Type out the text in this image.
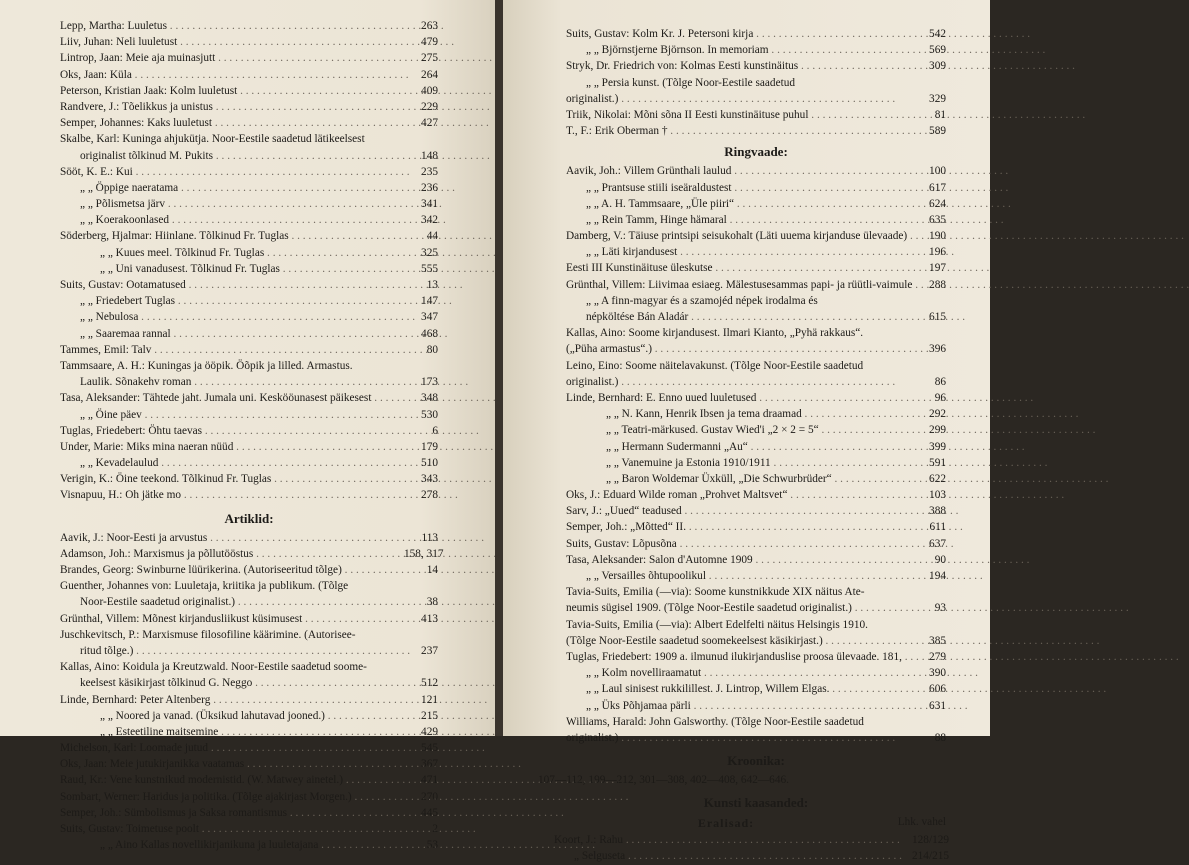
Lepp, Martha: Luuletus . . .	263
Liiv, Juhan: Neli luuletust . . .	479
Lintrop, Jaan: Meie aja muinasjutt . . .	275
Oks, Jaan: Küla . . .	264
Peterson, Kristian Jaak: Kolm luuletust . . .	409
Randvere, J.: Tõelikkus ja unistus . . .	229
Semper, Johannes: Kaks luuletust . . .	427
Skalbe, Karl: Kuninga ahjukütja. Noor-Eestile saadetud lätikeelsest
originalist tõlkinud M. Pukits . . .	148
Sööt, K. E.: Kui . . .	235
„ „ Öppige naeratama . . .	236
„ „ Põlismetsa järv . . .	341
„ „ Koerakoonlased . . .	342
Söderberg, Hjalmar: Hiinlane. Tõlkinud Fr. Tuglas . . .	44
„ „ Kuues meel. Tõlkinud Fr. Tuglas . . .	325
„ „ Uni vanadusest. Tõlkinud Fr. Tuglas . . .	555
Suits, Gustav: Ootamatused . . .	13
„ „ Friedebert Tuglas . . .	147
„ „ Nebulosa . . .	347
„ „ Saaremaa rannal . . .	468
Tammes, Emil: Talv . . .	80
Tammsaare, A. H.: Kuningas ja ööpik. Öõpik ja lilled. Armastus.
Laulik. Sõnakehv roman . . .	173
Tasa, Aleksander: Tähtede jaht. Jumala uni. Keskööunasest päikesest . . .	348
„ „ Öine päev . . .	530
Tuglas, Friedebert: Öhtu taevas . . .	6
Under, Marie: Miks mina naeran nüüd . . .	179
„ „ Kevadelaulud . . .	510
Verigin, K.: Öine teekond. Tõlkinud Fr. Tuglas . . .	343
Visnapuu, H.: Oh jätke mo . . .	278
Artiklid:
Aavik, J.: Noor-Eesti ja arvustus . . .	113
Adamson, Joh.: Marxismus ja põllutööstus . . .	158, 317
Brandes, Georg: Swinburne lüürikerina. (Autoriseeritud tõlge) . . .	14
Guenther, Johannes von: Luuletaja, kriitika ja publikum. (Tõlge
Noor-Eestile saadetud originalist.) . . .	38
Grünthal, Villem: Mõnest kirjandusliikust küsimusest . . .	413
Juschkevitsch, P.: Marxismuse filosofiline käärimine. (Autorisee-
ritud tõlge.) . . .	237
Kallas, Aino: Koidula ja Kreutzwald. Noor-Eestile saadetud soome-
keelsest käsikirjast tõlkinud G. Neggo . . .	512
Linde, Bernhard: Peter Altenberg . . .	121
„ „ Noored ja vanad. (Üksikud lahutavad jooned.) . . .	215
„ „ Esteetiline maitsemine . . .	429
Michelson, Karl: Loomade jutud . . .	545
Oks, Jaan: Meie jutukirjanikka vaatamas . . .	367
Raud, Kr.: Vene kunstnikud modernistid. (W. Matwey ainetel.) . . .	471
Sombart, Werner: Haridus ja politika. (Tõlge ajakirjast Morgen.) . . .	270
Semper, Joh.: Sümbolismus ja Saksa romantismus . . .	445
Suits, Gustav: Toimetuse poolt . . .	2
„ „ Aino Kallas novellikirjanikuna ja luuletajana . . .	53
Suits, Gustav: Kolm Kr. J. Petersoni kirja . . .	542
„ „ Björnstjerne Björnson. In memoriam . . .	569
Stryk, Dr. Friedrich von: Kolmas Eesti kunstinäitus . . .	309
„ „ Persia kunst. (Tõlge Noor-Eestile saadetud
originalist.) . . .	329
Triik, Nikolai: Mõni sõna II Eesti kunstinäituse puhul . . .	81
T., F.: Erik Oberman † . . .	589
Ringvaade:
Aavik, Joh.: Villem Grünthali laulud . . .	100
„ „ Prantsuse stiili iseäraldustest . . .	617
„ „ A. H. Tammsaare, „Üle piiri“ . . .	624
„ „ Rein Tamm, Hinge hämaral . . .	635
Damberg, V.: Täiuse printsipi seisukohalt (Läti uuema kirjanduse ülevaade) . . .	190
„ „ Läti kirjandusest . . .	196
Eesti III Kunstinäituse üleskutse . . .	197
Grünthal, Villem: Liivimaa esiaeg. Mälestusesammas papi- ja rüütli-vaimule . . .	288
„ „ A finn-magyar és a szamojéd népek irodalma és
népköltése Bán Aladár . . .	615
Kallas, Aino: Soome kirjandusest. Ilmari Kianto, „Pyhä rakkaus“.
(„Püha armastus“.) . . .	396
Leino, Eino: Soome näitelavakunst. (Tõlge Noor-Eestile saadetud
originalist.) . . .	86
Linde, Bernhard: E. Enno uued luuletused . . .	96
„ „ N. Kann, Henrik Ibsen ja tema draamad . . .	292
„ „ Teatri-märkused. Gustav Wied'i „2 × 2 = 5“ . . .	299
„ „ Hermann Sudermanni „Au“ . . .	399
„ „ Vanemuine ja Estonia 1910/1911 . . .	591
„ „ Baron Woldemar Üxküll, „Die Schwurbrüder“ . . .	622
Oks, J.: Eduard Wilde roman „Prohvet Maltsvet“ . . .	103
Sarv, J.: „Uued“ teadused . . .	388
Semper, Joh.: „Mõtted“ II. . . .	611
Suits, Gustav: Lõpusõna . . .	637
Tasa, Aleksander: Salon d'Automne 1909 . . .	90
„ „ Versailles õhtupoolikul . . .	194
Tavia-Suits, Emilia (—via): Soome kunstnikkude XIX näitus Ate-
neumis sügisel 1909. (Tõlge Noor-Eestile saadetud originalist.) . . .	93
Tavia-Suits, Emilia (—via): Albert Edelfelti näitus Helsingis 1910.
(Tõlge Noor-Eestile saadetud soomekeelsest käsikirjast.) . . .	385
Tuglas, Friedebert: 1909 a. ilmunud ilukirjanduslise proosa ülevaade. 181, . . .	279
„ „ Kolm novelliraamatut . . .	390
„ „ Laul sinisest rukkilillest. J. Lintrop, Willem Elgas. . . .	606
„ „ Üks Põhjamaa pärli . . .	631
Williams, Harald: John Galsworthy. (Tõlge Noor-Eestile saadetud
originalist.) . . .	88
Kroonika:
107—112, 199—212, 301—308, 402—408, 642—646.
Kunsti kaasanded:
Eralisad:	Lhk. vahel
Koort, J.: Rahu . . .	128/129
„ Selguseta . . .	214/215
